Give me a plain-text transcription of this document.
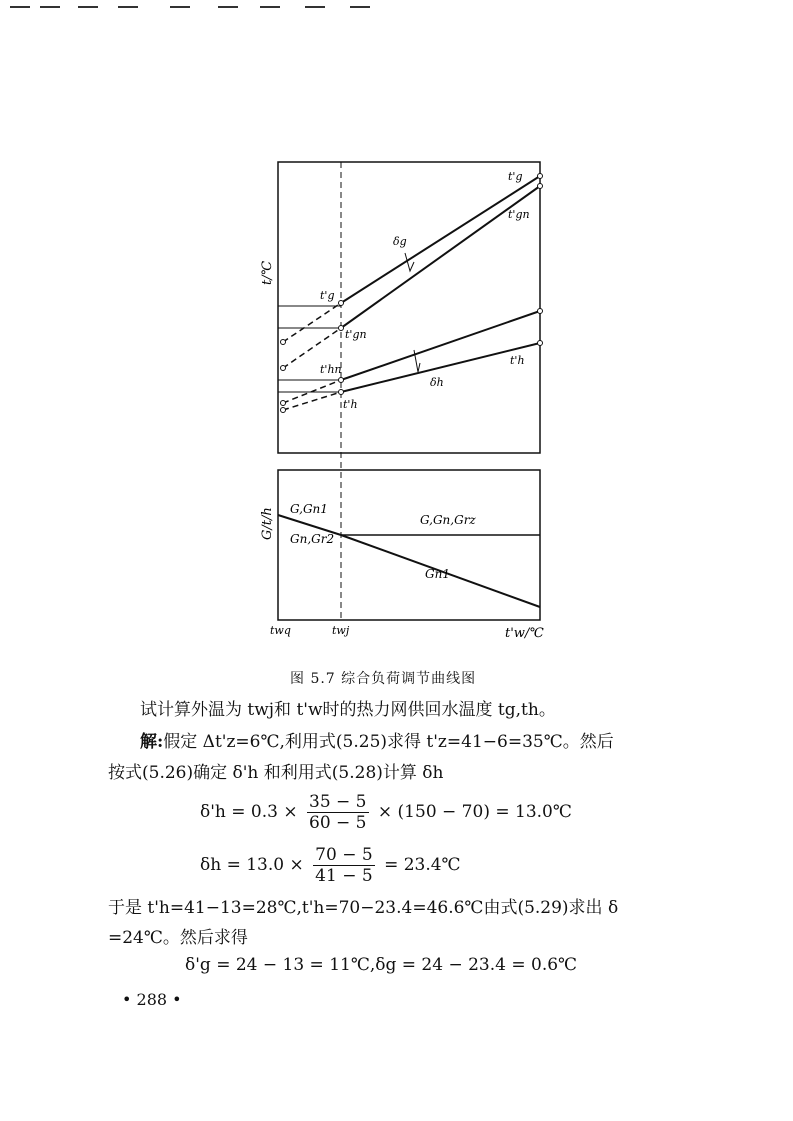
t/℃
t'g
t'gn
δg
t'g
t'gn
t'hn
δh
t'h
t'h
G/t/h G,Gn1
Gn,Gr2
G,Gn,Grz
Gn1
twq	twj	t'w/℃
图 5.7 综合负荷调节曲线图
试计算外温为 twj和 t'w时的热力网供回水温度 tg,th。
解:假定 Δt'z=6℃,利用式(5.25)求得 t'z=41−6=35℃。然后
按式(5.26)确定 δ'h 和利用式(5.28)计算 δh
$\delta'h = 0.3 \times \frac{35 - 5}{60 - 5} \times (150 - 70)$ = 13.0℃
$\delta h = 13.0 \times \frac{70 - 5}{41 - 5}$ = 23.4℃
于是 t'h=41−13=28℃,t'h=70−23.4=46.6℃由式(5.29)求出 δ
=24℃。然后求得
δ'g = 24 − 13 = 11℃,δg = 24 − 23.4 = 0.6℃
• 288 •
